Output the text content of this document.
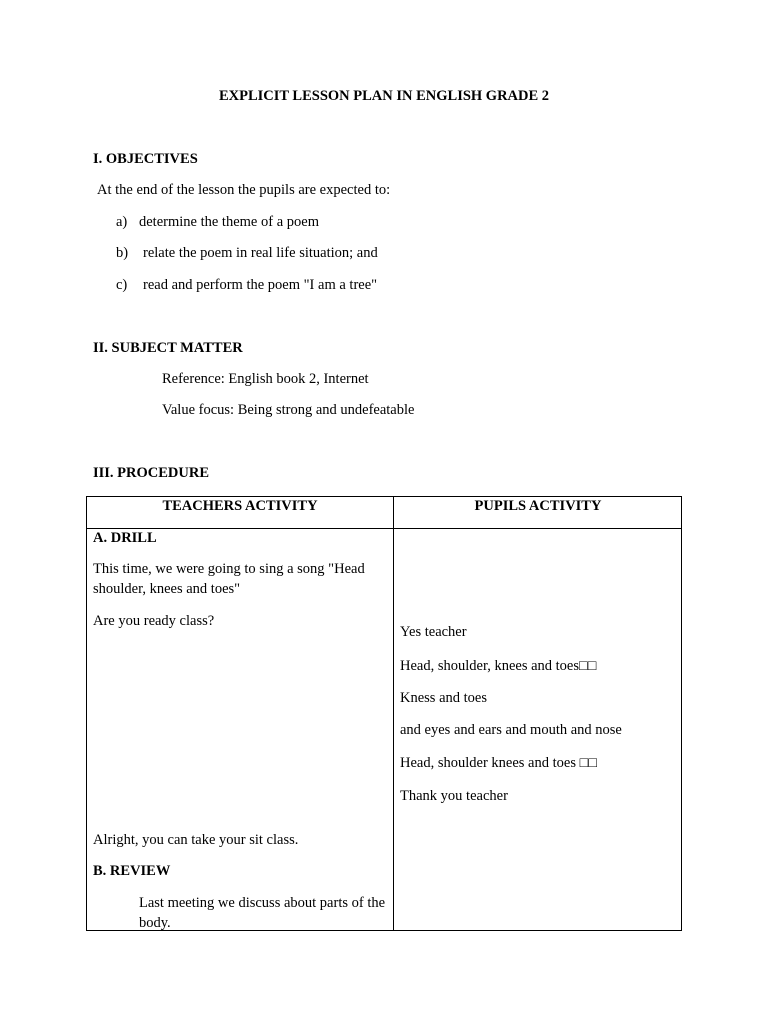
EXPLICIT LESSON PLAN IN ENGLISH GRADE 2
I. OBJECTIVES
At the end of the lesson the pupils are expected to:
a) determine the theme of a poem
b) relate the poem in real life situation; and
c) read and perform the poem "I am a tree"
II. SUBJECT MATTER
Reference: English book 2, Internet
Value focus: Being strong and undefeatable
III. PROCEDURE
TEACHERS ACTIVITY	PUPILS ACTIVITY
A. DRILL
This time, we were going to sing a song "Head shoulder, knees and toes"
Are you ready class?
Alright, you can take your sit class.
B. REVIEW
Last meeting we discuss about parts of the body.
Yes teacher
Head, shoulder, knees and toes□□
Kness and toes
and eyes and ears and mouth and nose
Head, shoulder knees and toes □□
Thank you teacher
